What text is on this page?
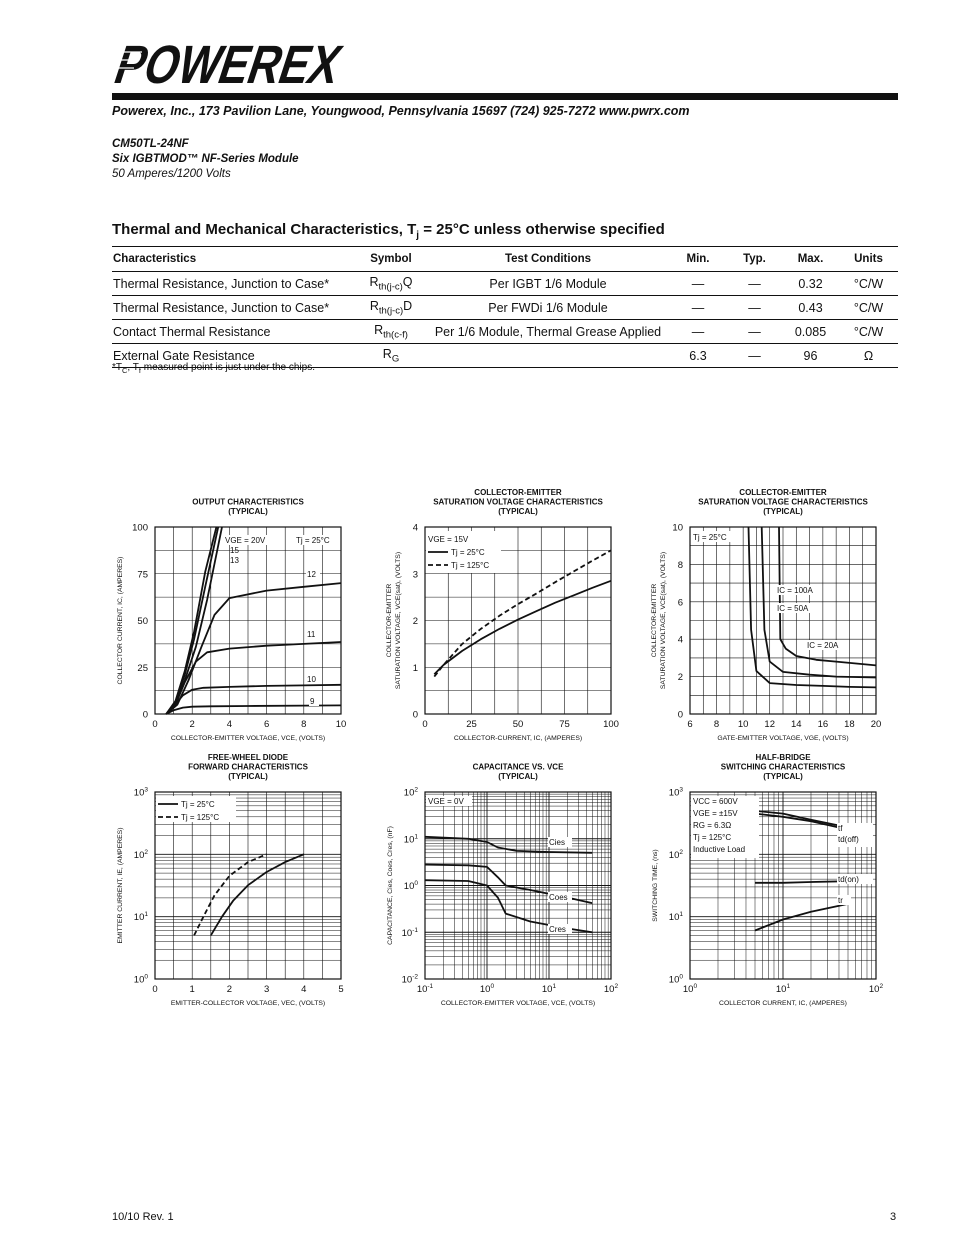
POWEREX
Powerex, Inc., 173 Pavilion Lane, Youngwood, Pennsylvania 15697 (724) 925-7272 www.pwrx.com
CM50TL-24NF
Six IGBTMOD™ NF-Series Module
50 Amperes/1200 Volts
Thermal and Mechanical Characteristics, $T_j = 25^\circ C$ unless otherwise specified
Characteristics	Symbol	Test Conditions	Min.	Typ.	Max.	Units
Thermal Resistance, Junction to Case*	$R_{th(j-c)}Q$	Per IGBT 1/6 Module	—	—	0.32	°C/W
Thermal Resistance, Junction to Case*	$R_{th(j-c)}D$	Per FWDi 1/6 Module	—	—	0.43	°C/W
Contact Thermal Resistance	$R_{th(c-f)}$	Per 1/6 Module, Thermal Grease Applied	—	—	0.085	°C/W
External Gate Resistance	$R_G$		6.3	—	96	Ω
$*T_C$, $T_f$ measured point is just under the chips.
OUTPUT CHARACTERISTICS
(TYPICAL)
0	2	4	6	8	10
0
25
50
75
100
COLLECTOR-EMITTER VOLTAGE, VCE, (VOLTS)
COLLECTOR CURRENT, IC, (AMPERES)
VGE = 20V
15
13
Tj = 25°C
12
11
10
9
COLLECTOR-EMITTER
SATURATION VOLTAGE CHARACTERISTICS
(TYPICAL)
0	25	50	75	100
0
1
2
3
4
COLLECTOR-CURRENT, IC, (AMPERES)
COLLECTOR-EMITTER SATURATION VOLTAGE, VCE(sat), (VOLTS)
VGE = 15V
Tj = 25°C
Tj = 125°C
COLLECTOR-EMITTER
SATURATION VOLTAGE CHARACTERISTICS
(TYPICAL)
6 8 10 12 14 16 18 20
0
2
4
6
8
10
GATE-EMITTER VOLTAGE, VGE, (VOLTS)
COLLECTOR-EMITTER SATURATION VOLTAGE, VCE(sat), (VOLTS)
Tj = 25°C
IC = 100A
IC = 50A
IC = 20A
FREE-WHEEL DIODE
FORWARD CHARACTERISTICS
(TYPICAL)
0	1	2	3	4	5
$10^0$
$10^1$
$10^2$
$10^3$
EMITTER-COLLECTOR VOLTAGE, VEC, (VOLTS)
EMITTER CURRENT, IE, (AMPERES)
Tj = 25°C
Tj = 125°C
CAPACITANCE VS. VCE
(TYPICAL)
$10^{-1}$	$10^0$	$10^1$	$10^2$
$10^{-2}$
$10^{-1}$
$10^0$
$10^1$
$10^2$
COLLECTOR-EMITTER VOLTAGE, VCE, (VOLTS)
CAPACITANCE, Cies, Coes, Cres, (nF)
VGE = 0V
Cies
Coes
Cres
HALF-BRIDGE
SWITCHING CHARACTERISTICS
(TYPICAL)
$10^0$	$10^1$	$10^2$
$10^0$
$10^1$
$10^2$
$10^3$
COLLECTOR CURRENT, IC, (AMPERES)
SWITCHING TIME, (ns)
VCC = 600V
VGE = ±15V
RG = 6.3Ω
Tj = 125°C
Inductive Load
tf
td(off)
td(on)
tr
10/10 Rev. 1	3
